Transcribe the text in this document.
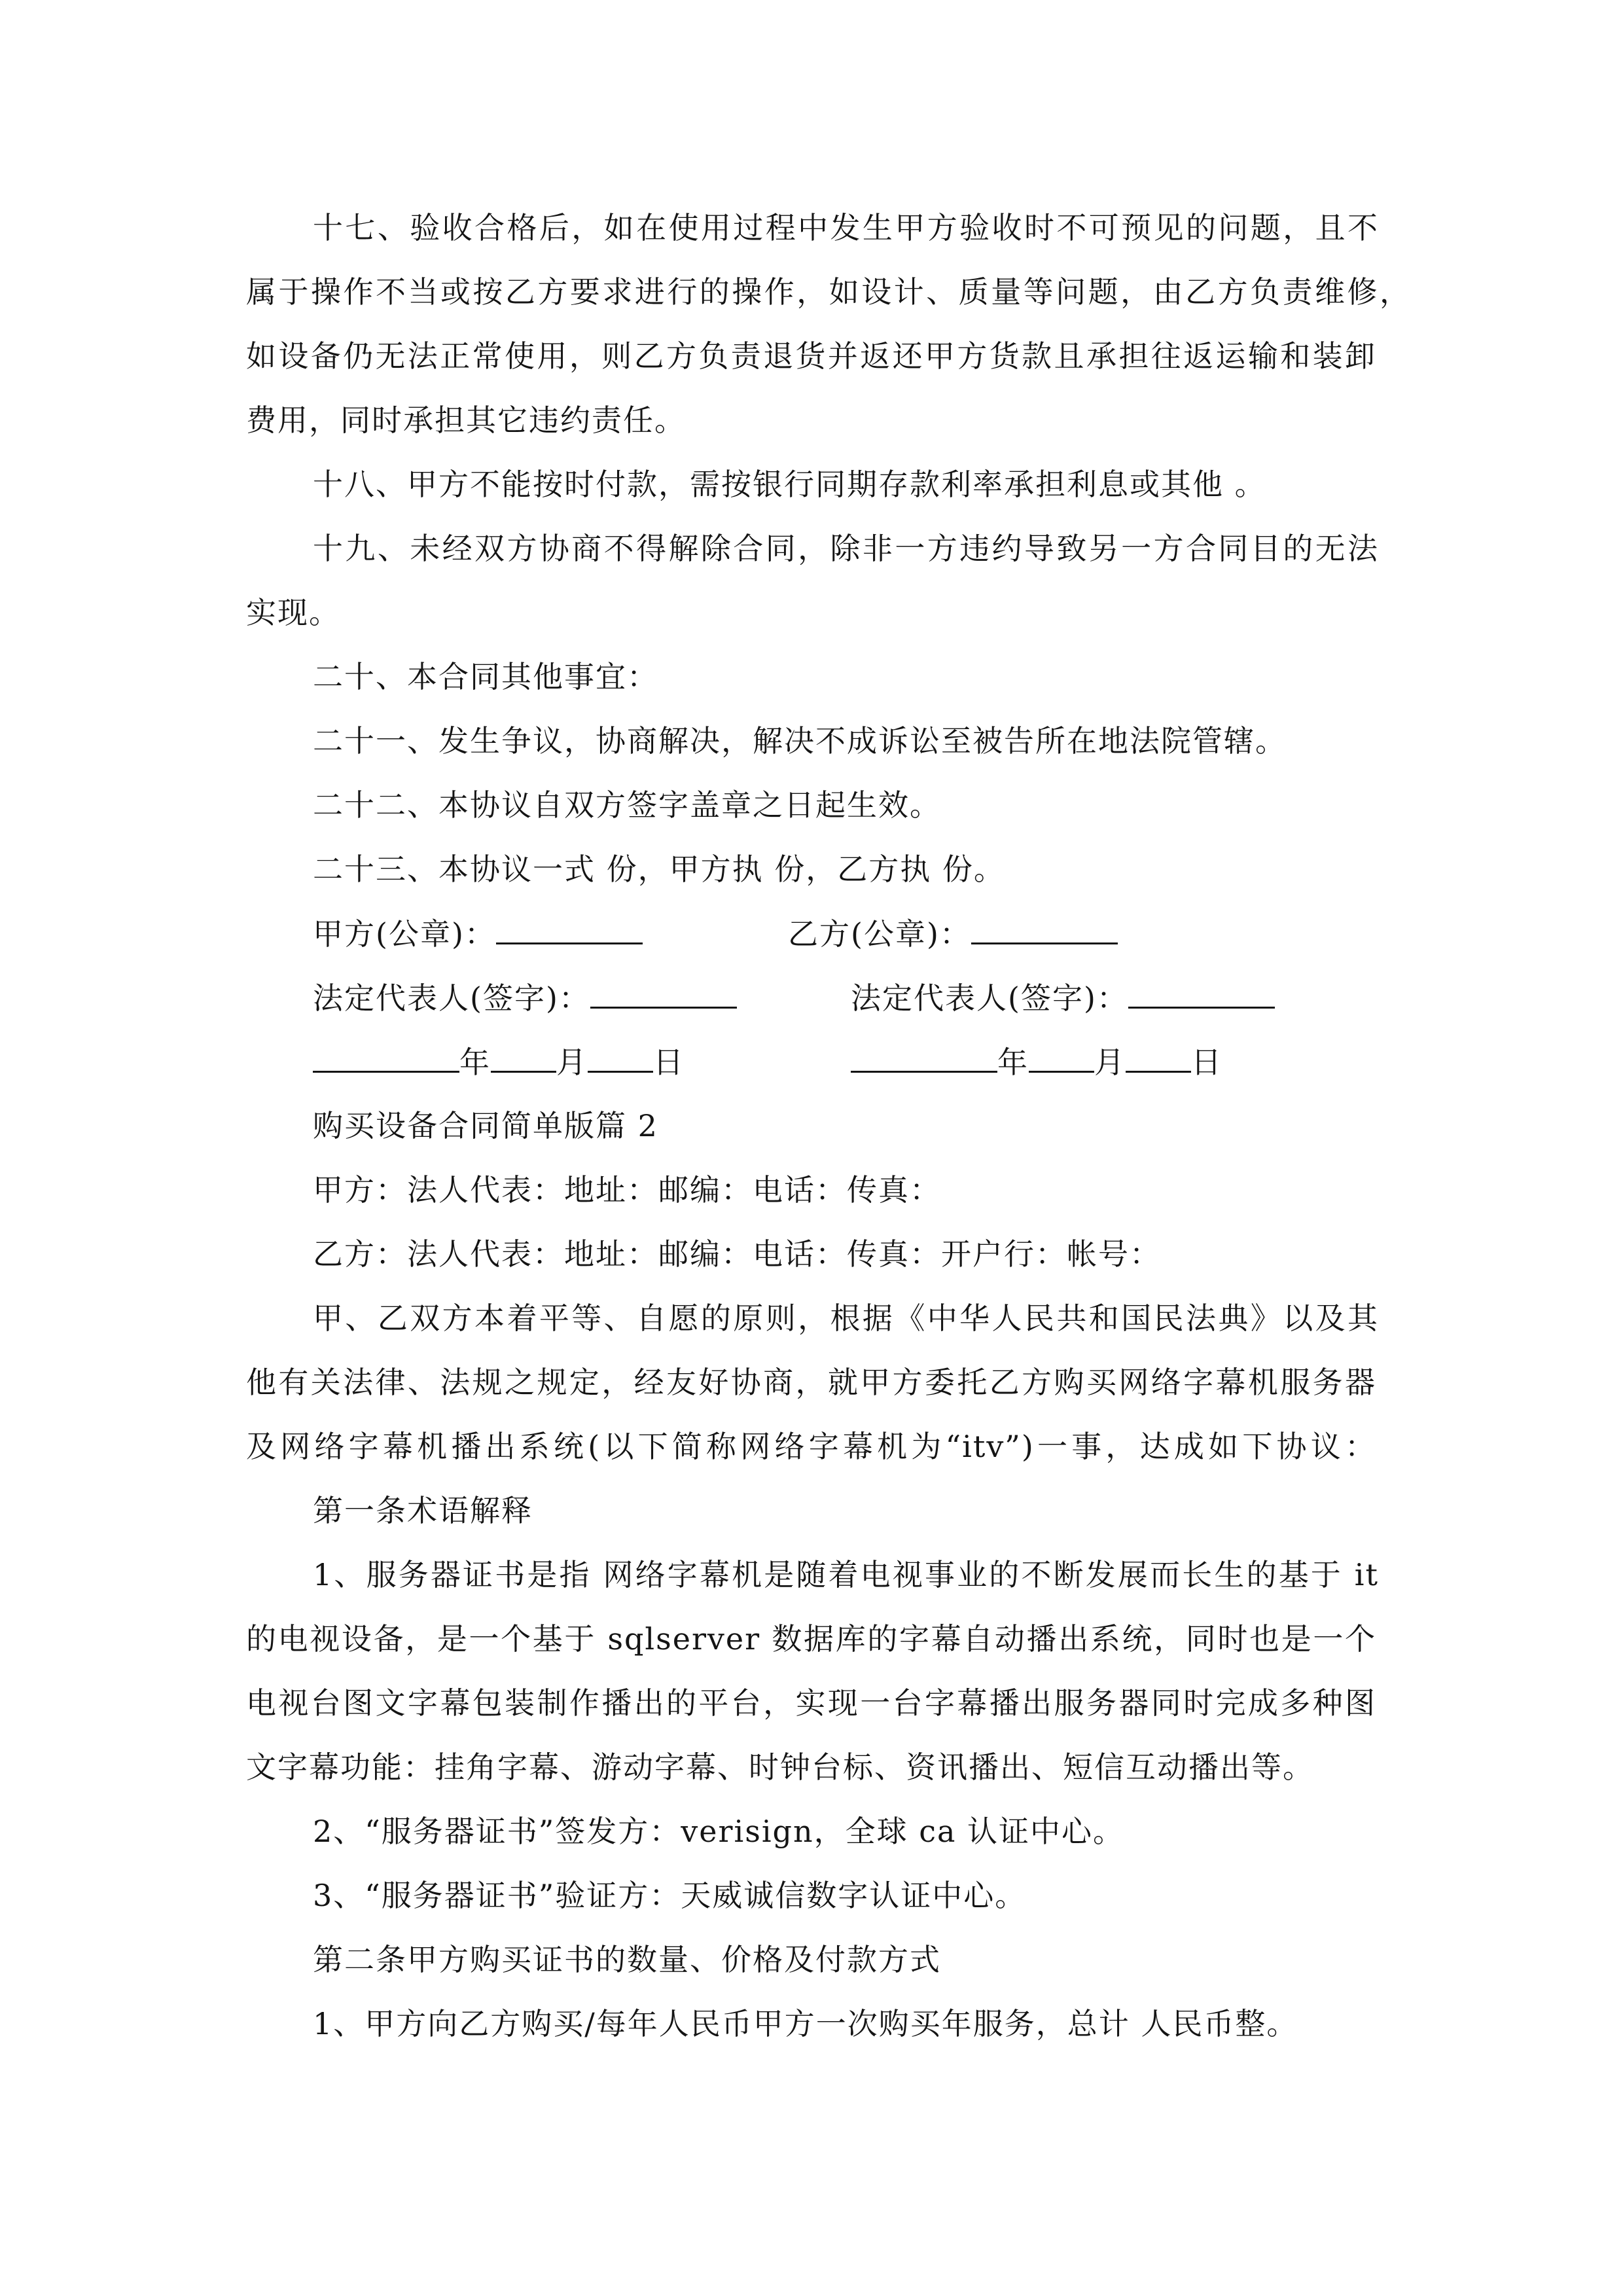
十七、验收合格后，如在使用过程中发生甲方验收时不可预见的问题，且不
属于操作不当或按乙方要求进行的操作，如设计、质量等问题，由乙方负责维修，
如设备仍无法正常使用，则乙方负责退货并返还甲方货款且承担往返运输和装卸
费用，同时承担其它违约责任。
十八、甲方不能按时付款，需按银行同期存款利率承担利息或其他 。
十九、未经双方协商不得解除合同，除非一方违约导致另一方合同目的无法
实现。
二十、本合同其他事宜：
二十一、发生争议，协商解决，解决不成诉讼至被告所在地法院管辖。
二十二、本协议自双方签字盖章之日起生效。
二十三、本协议一式 份，甲方执 份，乙方执 份。
甲方(公章)：	乙方(公章)：
法定代表人(签字)：	法定代表人(签字)：
年 月 日	年 月 日
购买设备合同简单版篇 2
甲方：法人代表：地址：邮编：电话：传真：
乙方：法人代表：地址：邮编：电话：传真：开户行：帐号：
甲、乙双方本着平等、自愿的原则，根据《中华人民共和国民法典》以及其
他有关法律、法规之规定，经友好协商，就甲方委托乙方购买网络字幕机服务器
及网络字幕机播出系统(以下简称网络字幕机为“itv”)一事，达成如下协议：
第一条术语解释
1、服务器证书是指 网络字幕机是随着电视事业的不断发展而长生的基于 it
的电视设备，是一个基于 sqlserver 数据库的字幕自动播出系统，同时也是一个
电视台图文字幕包装制作播出的平台，实现一台字幕播出服务器同时完成多种图
文字幕功能：挂角字幕、游动字幕、时钟台标、资讯播出、短信互动播出等。
2、“服务器证书”签发方：verisign，全球 ca 认证中心。
3、“服务器证书”验证方：天威诚信数字认证中心。
第二条甲方购买证书的数量、价格及付款方式
1、甲方向乙方购买/每年人民币甲方一次购买年服务，总计 人民币整。
